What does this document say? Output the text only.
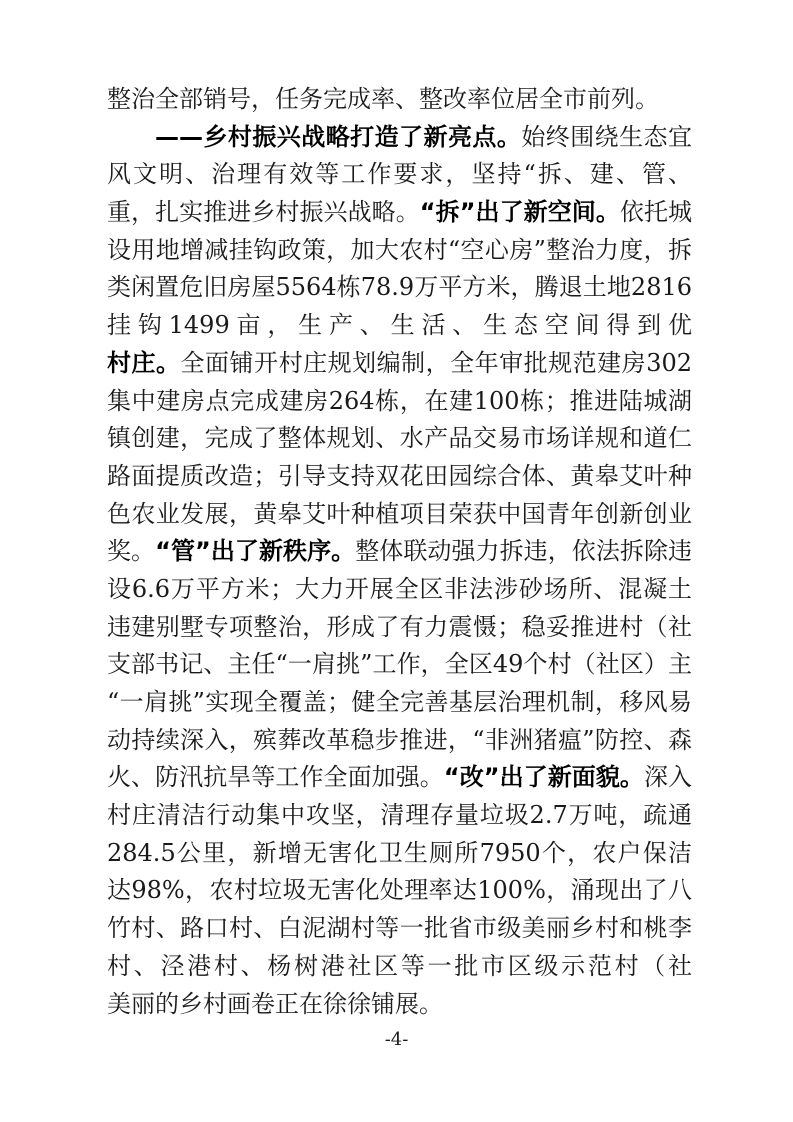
整治全部销号，任务完成率、整改率位居全市前列。
——乡村振兴战略打造了新亮点。始终围绕生态宜
风文明、治理有效等工作要求，坚持“拆、建、管、
重，扎实推进乡村振兴战略。“拆”出了新空间。依托城
设用地增减挂钩政策，加大农村“空心房”整治力度，拆
类闲置危旧房屋5564栋78.9万平方米，腾退土地2816
挂钩1499亩，生产、生活、生态空间得到优
村庄。全面铺开村庄规划编制，全年审批规范建房302
集中建房点完成建房264栋，在建100栋；推进陆城湖
镇创建，完成了整体规划、水产品交易市场详规和道仁
路面提质改造；引导支持双花田园综合体、黄皋艾叶种
色农业发展，黄皋艾叶种植项目荣获中国青年创新创业
奖。“管”出了新秩序。整体联动强力拆违，依法拆除违
设6.6万平方米；大力开展全区非法涉砂场所、混凝土
违建别墅专项整治，形成了有力震慑；稳妥推进村（社
支部书记、主任“一肩挑”工作，全区49个村（社区）主
“一肩挑”实现全覆盖；健全完善基层治理机制，移风易
动持续深入，殡葬改革稳步推进，“非洲猪瘟”防控、森
火、防汛抗旱等工作全面加强。“改”出了新面貌。深入
村庄清洁行动集中攻坚，清理存量垃圾2.7万吨，疏通
284.5公里，新增无害化卫生厕所7950个，农户保洁
达98%，农村垃圾无害化处理率达100%，涌现出了八
竹村、路口村、白泥湖村等一批省市级美丽乡村和桃李
村、泾港村、杨树港社区等一批市区级示范村（社
美丽的乡村画卷正在徐徐铺展。
-4-
